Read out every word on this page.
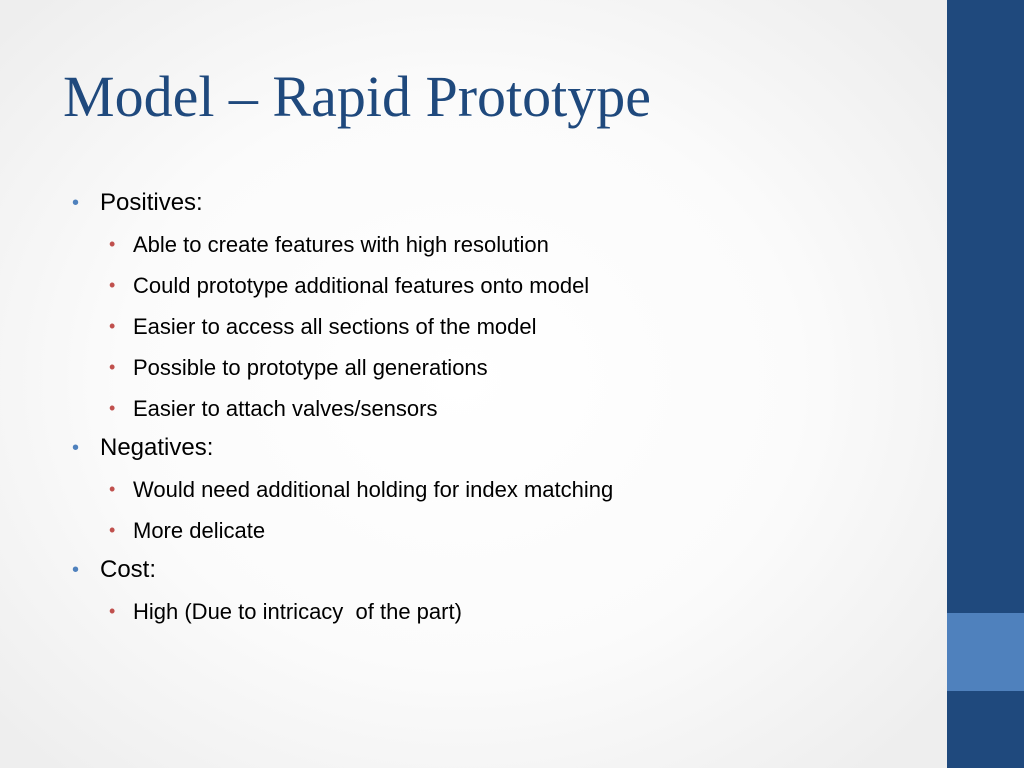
Model – Rapid Prototype
• Positives:
• Able to create features with high resolution
• Could prototype additional features onto model
• Easier to access all sections of the model
• Possible to prototype all generations
• Easier to attach valves/sensors
• Negatives:
• Would need additional holding for index matching
• More delicate
• Cost:
• High (Due to intricacy  of the part)
